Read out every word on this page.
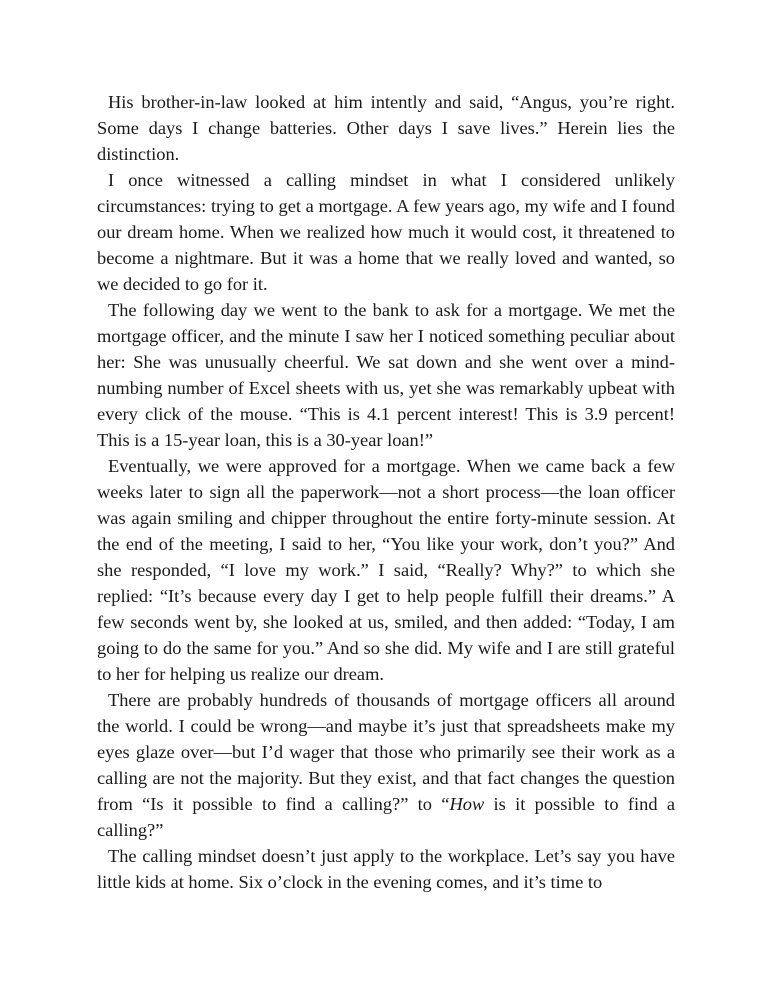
His brother-in-law looked at him intently and said, “Angus, you’re right. Some days I change batteries. Other days I save lives.” Herein lies the distinction.

I once witnessed a calling mindset in what I considered unlikely circumstances: trying to get a mortgage. A few years ago, my wife and I found our dream home. When we realized how much it would cost, it threatened to become a nightmare. But it was a home that we really loved and wanted, so we decided to go for it.

The following day we went to the bank to ask for a mortgage. We met the mortgage officer, and the minute I saw her I noticed something peculiar about her: She was unusually cheerful. We sat down and she went over a mind-numbing number of Excel sheets with us, yet she was remarkably upbeat with every click of the mouse. “This is 4.1 percent interest! This is 3.9 percent! This is a 15-year loan, this is a 30-year loan!”

Eventually, we were approved for a mortgage. When we came back a few weeks later to sign all the paperwork—not a short process—the loan officer was again smiling and chipper throughout the entire forty-minute session. At the end of the meeting, I said to her, “You like your work, don’t you?” And she responded, “I love my work.” I said, “Really? Why?” to which she replied: “It’s because every day I get to help people fulfill their dreams.” A few seconds went by, she looked at us, smiled, and then added: “Today, I am going to do the same for you.” And so she did. My wife and I are still grateful to her for helping us realize our dream.

There are probably hundreds of thousands of mortgage officers all around the world. I could be wrong—and maybe it’s just that spreadsheets make my eyes glaze over—but I’d wager that those who primarily see their work as a calling are not the majority. But they exist, and that fact changes the question from “Is it possible to find a calling?” to “How is it possible to find a calling?”

The calling mindset doesn’t just apply to the workplace. Let’s say you have little kids at home. Six o’clock in the evening comes, and it’s time to
